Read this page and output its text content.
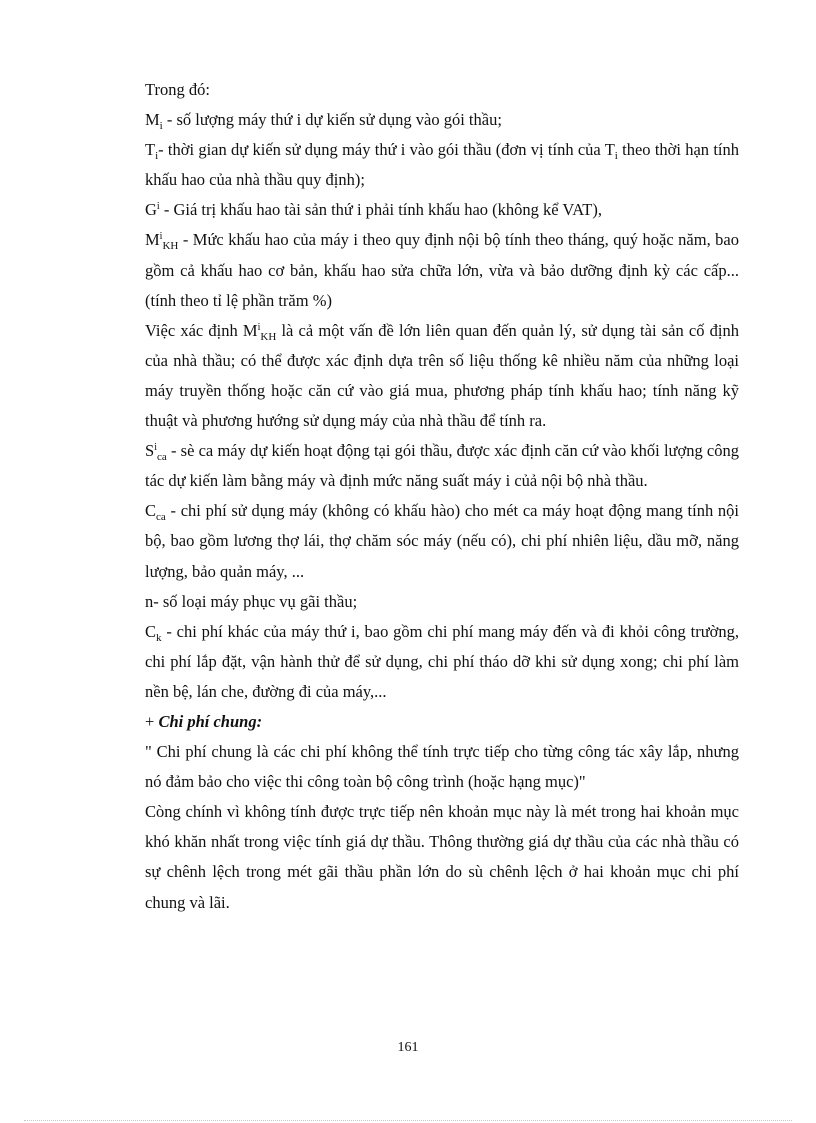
Trong đó:

$M_i$ - số lượng máy thứ i dự kiến sử dụng vào gói thầu;

$T_i-$ thời gian dự kiến sử dụng máy thứ i vào gói thầu (đơn vị tính của $T_i$ theo thời hạn tính khấu hao của nhà thầu quy định);

$G^i$ - Giá trị khấu hao tài sản thứ i phải tính khấu hao (không kể VAT),

$M^i_{KH}$ - Mức khấu hao của máy i theo quy định nội bộ tính theo tháng, quý hoặc năm, bao gồm cả khấu hao cơ bản, khấu hao sửa chữa lớn, vừa và bảo dưỡng định kỳ các cấp... (tính theo tỉ lệ phần trăm %)

Việc xác định $M^i_{KH}$ là cả một vấn đề lớn liên quan đến quản lý, sử dụng tài sản cố định của nhà thầu; có thể được xác định dựa trên số liệu thống kê nhiều năm của những loại máy truyền thống hoặc căn cứ vào giá mua, phương pháp tính khấu hao; tính năng kỹ thuật và phương hướng sử dụng máy của nhà thầu để tính ra.

$S^i_{ca}$ - sè ca máy dự kiến hoạt động tại gói thầu, được xác định căn cứ vào khối lượng công tác dự kiến làm bằng máy và định mức năng suất máy i củả nội bộ nhà thầu.

$C_{ca}$ - chi phí sử dụng máy (không có khấu hào) cho mét ca máy hoạt động mang tính nội bộ, bao gồm lương thợ lái, thợ chăm sóc máy (nếu có), chi phí nhiên liệu, dầu mỡ, năng lượng, bảo quản máy, ...

n- số loại máy phục vụ gãi thầu;

$C_k$ - chi phí khác của máy thứ i, bao gồm chi phí mang máy đến và đi khỏi công trường, chi phí lắp đặt, vận hành thử để sử dụng, chi phí tháo dỡ khi sử dụng xong; chi phí làm nền bệ, lán che, đường đi của máy,...

+ Chi phí chung:

" Chi phí chung là các chi phí không thể tính trực tiếp cho từng công tác xây lắp, nhưng nó đảm bảo cho việc thi công toàn bộ công trình (hoặc hạng mục)"

Còng chính vì không tính được trực tiếp nên khoản mục này là mét trong hai khoản mục khó khăn nhất trong việc tính giá dự thầu. Thông thường giá dự thầu của các nhà thầu có sự chênh lệch trong mét gãi thầu phần lớn do sù chênh lệch ở hai khoản mục chi phí chung và lãi.

161
